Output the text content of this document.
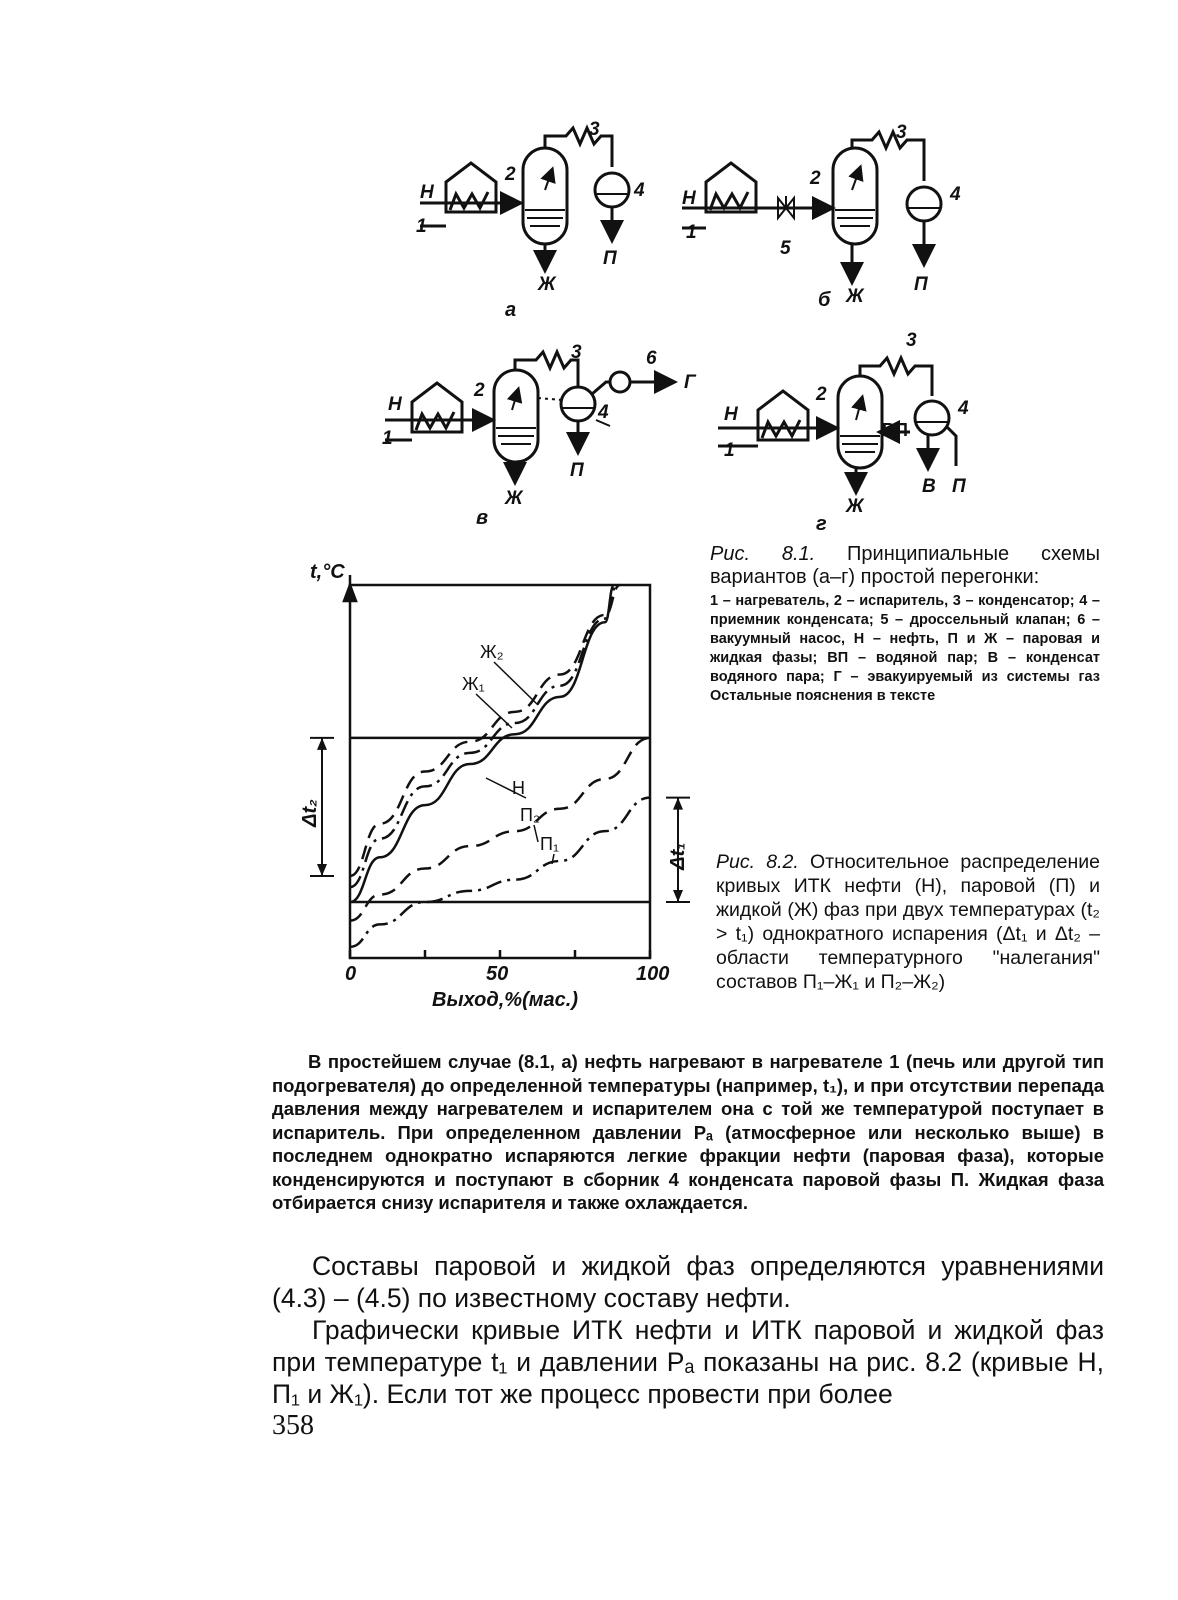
Н
1
2
3
4
Ж
П
а
Н
1
5
2
3
4
Ж
П
б
Н
1
2
3	6
Г
4
Ж
П
в
Н
1
2
3
ВП
4
В П
Ж
г
Рис. 8.1. Принципиальные схемы вариантов (а–г) простой перегонки:
1 – нагреватель, 2 – испаритель, 3 – конденсатор; 4 – приемник конденсата; 5 – дроссельный клапан; 6 – вакуумный насос, Н – нефть, П и Ж – паровая и жидкая фазы; ВП – водяной пар; В – конденсат водяного пара; Г – эвакуируемый из системы газ Остальные пояснения в тексте
t,°C
Выход,%(мас.)
0	50	100
Δt₂
Δt₁
Ж₂
Ж₁
Н
П₂
П₁
Рис. 8.2. Относительное распределение кривых ИТК нефти (Н), паровой (П) и жидкой (Ж) фаз при двух температурах (t₂ > t₁) однократного испарения (Δt₁ и Δt₂ – области температурного "налегания" составов П₁–Ж₁ и П₂–Ж₂)

В простейшем случае (8.1, а) нефть нагревают в нагревателе 1 (печь или другой тип подогревателя) до определенной температуры (например, t₁), и при отсутствии перепада давления между нагревателем и испарителем она с той же температурой поступает в испаритель. При определенном давлении Pₐ (атмосферное или несколько выше) в последнем однократно испаряются легкие фракции нефти (паровая фаза), которые конденсируются и поступают в сборник 4 конденсата паровой фазы П. Жидкая фаза отбирается снизу испарителя и также охлаждается.

Составы паровой и жидкой фаз определяются уравнениями (4.3) – (4.5) по известному составу нефти.

Графически кривые ИТК нефти и ИТК паровой и жидкой фаз при температуре t₁ и давлении Pₐ показаны на рис. 8.2 (кривые Н, П₁ и Ж₁). Если тот же процесс провести при более

358
